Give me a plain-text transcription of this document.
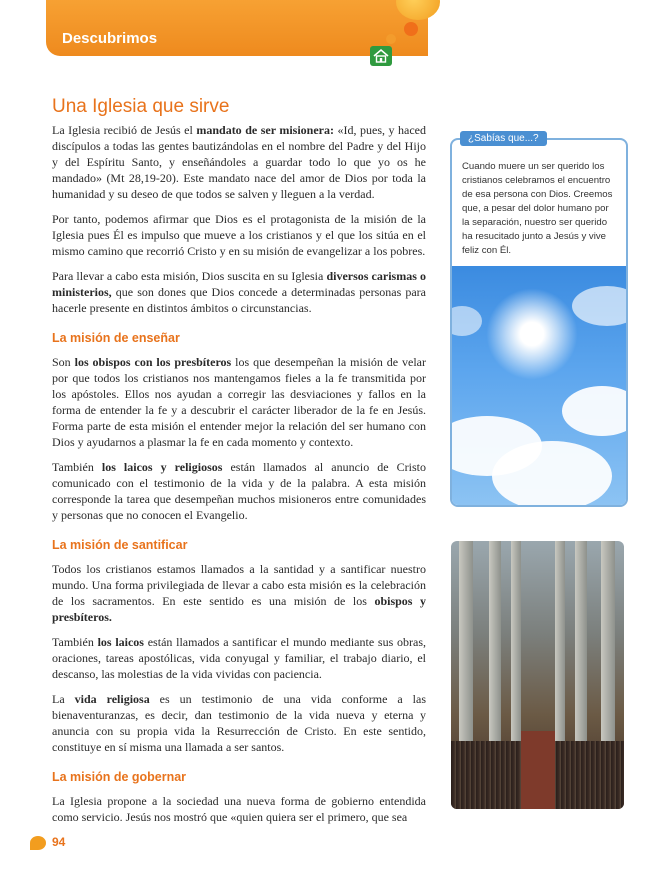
Descubrimos
Una Iglesia que sirve

La Iglesia recibió de Jesús el mandato de ser misionera: «Id, pues, y haced discípulos a todas las gentes bautizándolas en el nombre del Padre y del Hijo y del Espíritu Santo, y enseñándoles a guardar todo lo que yo os he mandado» (Mt 28,19-20). Este mandato nace del amor de Dios por toda la humanidad y su deseo de que todos se salven y lleguen a la verdad.

Por tanto, podemos afirmar que Dios es el protagonista de la misión de la Iglesia pues Él es impulso que mueve a los cristianos y el que los sitúa en el mismo camino que recorrió Cristo y en su misión de evangelizar a los pobres.

Para llevar a cabo esta misión, Dios suscita en su Iglesia diversos carismas o ministerios, que son dones que Dios concede a determinadas personas para hacerle presente en distintos ámbitos o circunstancias.

La misión de enseñar

Son los obispos con los presbíteros los que desempeñan la misión de velar por que todos los cristianos nos mantengamos fieles a la fe transmitida por los apóstoles. Ellos nos ayudan a corregir las desviaciones y fallos en la forma de entender la fe y a descubrir el carácter liberador de la fe en Jesús. Forma parte de esta misión el entender mejor la relación del ser humano con Dios y ayudarnos a plasmar la fe en cada momento y contexto.

También los laicos y religiosos están llamados al anuncio de Cristo comunicado con el testimonio de la vida y de la palabra. A esta misión corresponde la tarea que desempeñan muchos misioneros entre comunidades y personas que no conocen el Evangelio.

La misión de santificar

Todos los cristianos estamos llamados a la santidad y a santificar nuestro mundo. Una forma privilegiada de llevar a cabo esta misión es la celebración de los sacramentos. En este sentido es una misión de los obispos y presbíteros.

También los laicos están llamados a santificar el mundo mediante sus obras, oraciones, tareas apostólicas, vida conyugal y familiar, el trabajo diario, el descanso, las molestias de la vida vividas con paciencia.

La vida religiosa es un testimonio de una vida conforme a las bienaventuranzas, es decir, dan testimonio de la vida nueva y eterna y anuncia con su propia vida la Resurrección de Cristo. En este sentido, constituye en sí misma una llamada a ser santos.

La misión de gobernar

La Iglesia propone a la sociedad una nueva forma de gobierno entendida como servicio. Jesús nos mostró que «quien quiera ser el primero, que sea

Cuando muere un ser querido los cristianos celebramos el encuentro de esa persona con Dios. Creemos que, a pesar del dolor humano por la separación, nuestro ser querido ha resucitado junto a Jesús y vive feliz con Él.
¿Sabías que...?
94
